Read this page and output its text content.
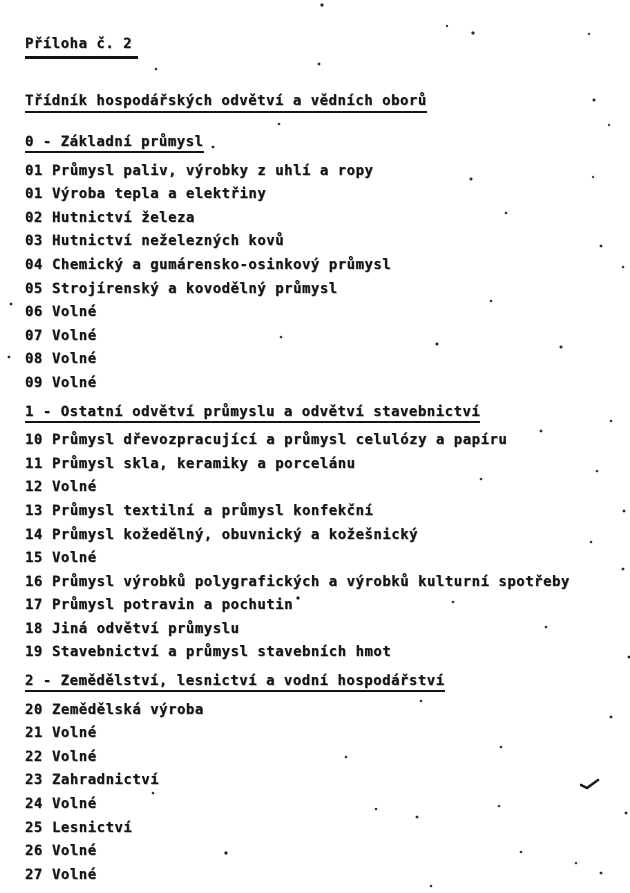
Příloha č. 2
Třídník hospodářských odvětví a vědních oborů
0 - Základní průmysl
01 Průmysl paliv, výrobky z uhlí a ropy
01 Výroba tepla a elektřiny
02 Hutnictví železa
03 Hutnictví neželezných kovů
04 Chemický a gumárensko-osinkový průmysl
05 Strojírenský a kovodělný průmysl
06 Volné
07 Volné
08 Volné
09 Volné
1 - Ostatní odvětví průmyslu a odvětví stavebnictví
10 Průmysl dřevozpracující a průmysl celulózy a papíru
11 Průmysl skla, keramiky a porcelánu
12 Volné
13 Průmysl textilní a průmysl konfekční
14 Průmysl kožedělný, obuvnický a kožešnický
15 Volné
16 Průmysl výrobků polygrafických a výrobků kulturní spotřeby
17 Průmysl potravin a pochutin
18 Jiná odvětví průmyslu
19 Stavebnictví a průmysl stavebních hmot
2 - Zemědělství, lesnictví a vodní hospodářství
20 Zemědělská výroba
21 Volné
22 Volné
23 Zahradnictví
24 Volné
25 Lesnictví
26 Volné
27 Volné
